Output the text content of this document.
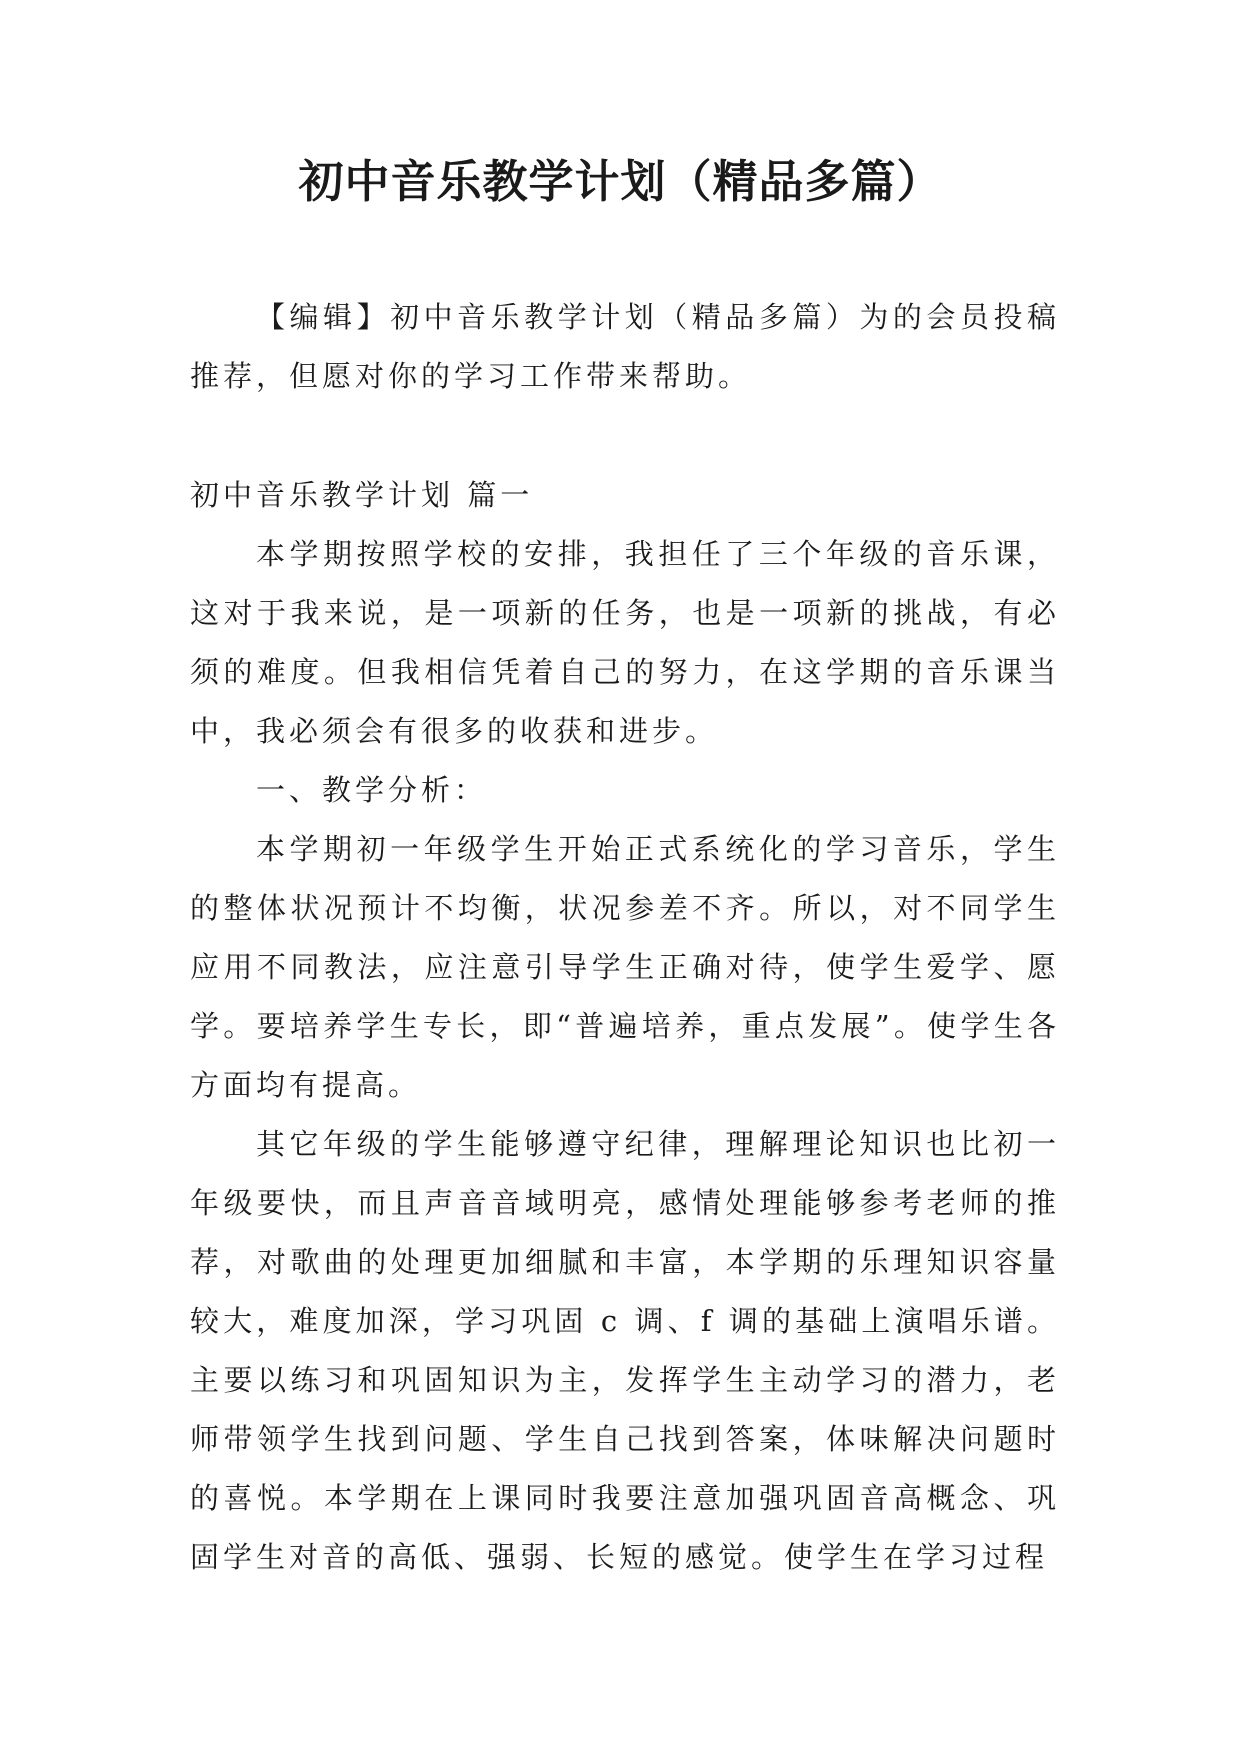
初中音乐教学计划（精品多篇）

【编辑】初中音乐教学计划（精品多篇）为的会员投稿推荐，但愿对你的学习工作带来帮助。

初中音乐教学计划 篇一

本学期按照学校的安排，我担任了三个年级的音乐课，这对于我来说，是一项新的任务，也是一项新的挑战，有必须的难度。但我相信凭着自己的努力，在这学期的音乐课当中，我必须会有很多的收获和进步。

一、教学分析：

本学期初一年级学生开始正式系统化的学习音乐，学生的整体状况预计不均衡，状况参差不齐。所以，对不同学生应用不同教法，应注意引导学生正确对待，使学生爱学、愿学。要培养学生专长，即“普遍培养，重点发展”。使学生各方面均有提高。

其它年级的学生能够遵守纪律，理解理论知识也比初一年级要快，而且声音音域明亮，感情处理能够参考老师的推荐，对歌曲的处理更加细腻和丰富，本学期的乐理知识容量较大，难度加深，学习巩固 c 调、f 调的基础上演唱乐谱。主要以练习和巩固知识为主，发挥学生主动学习的潜力，老师带领学生找到问题、学生自己找到答案，体味解决问题时的喜悦。本学期在上课同时我要注意加强巩固音高概念、巩固学生对音的高低、强弱、长短的感觉。使学生在学习过程
